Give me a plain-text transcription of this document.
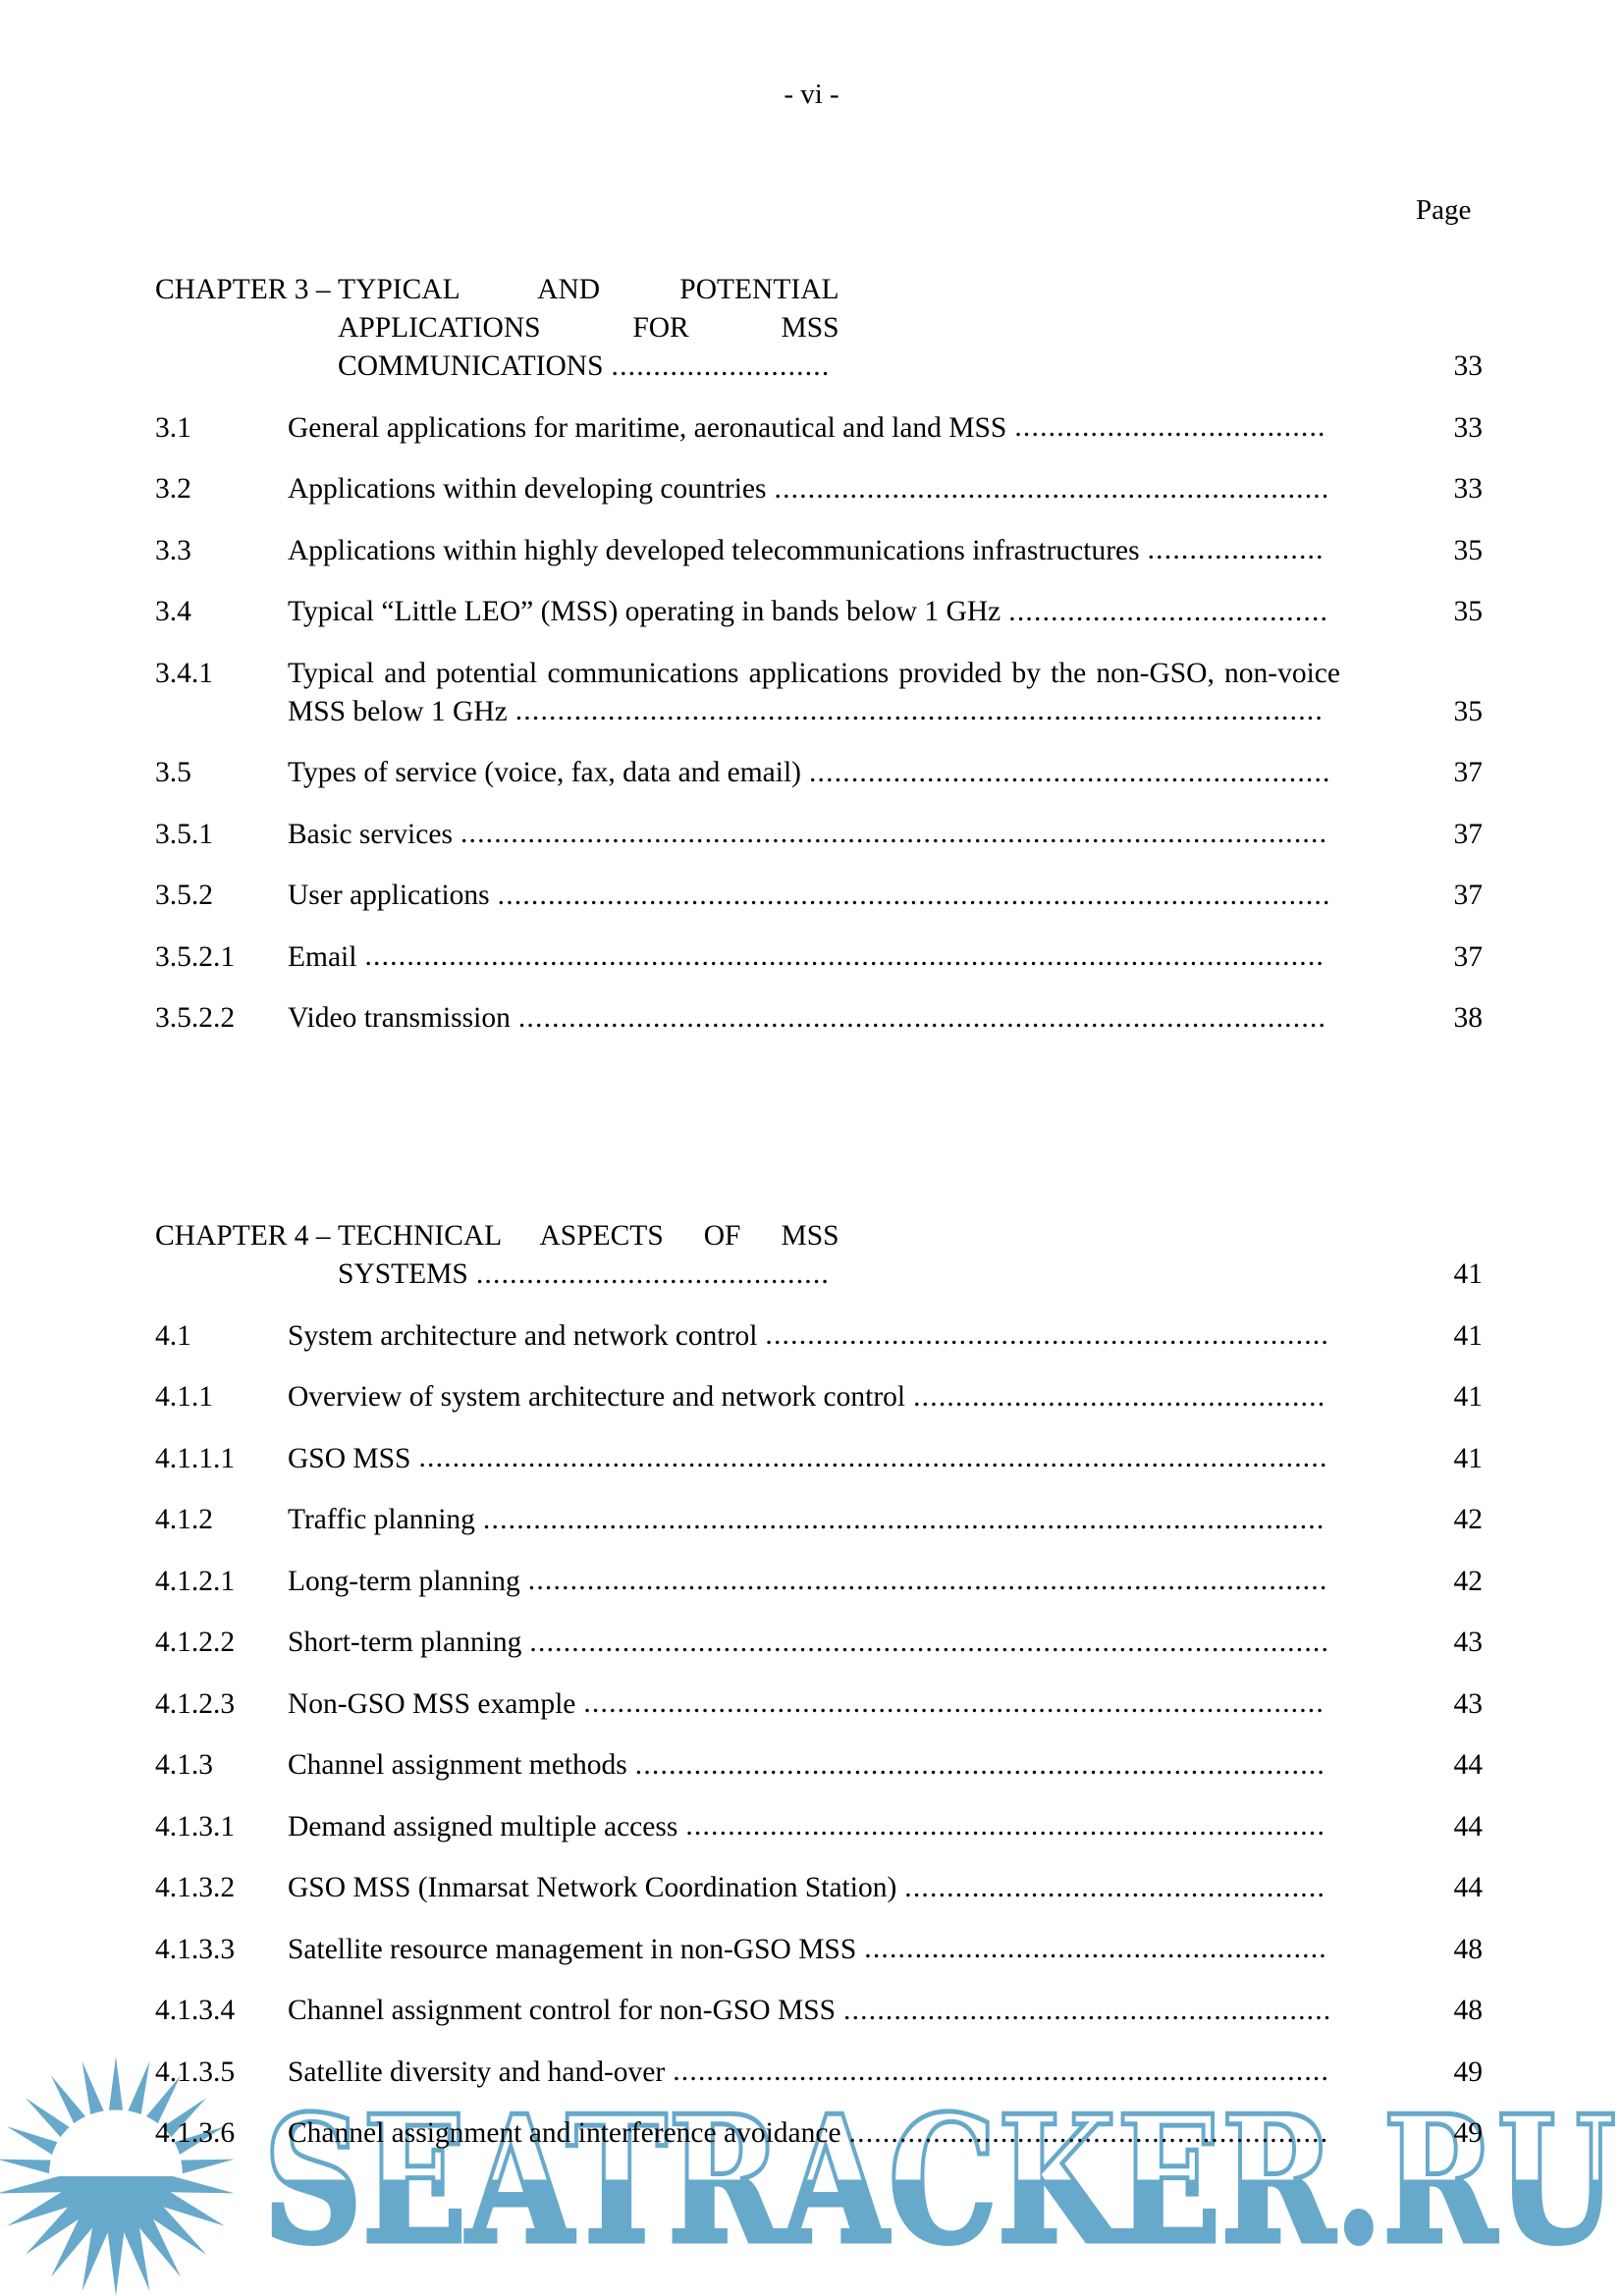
- vi -
Page
CHAPTER 3 – TYPICAL AND POTENTIAL APPLICATIONS FOR MSS COMMUNICATIONS ..........................	33
3.1	General applications for maritime, aeronautical and land MSS .....................................	33
3.2	Applications within developing countries ..................................................................	33
3.3	Applications within highly developed telecommunications infrastructures .....................	35
3.4	Typical “Little LEO” (MSS) operating in bands below 1 GHz ......................................	35
3.4.1	Typical and potential communications applications provided by the non-GSO, non-voice MSS below 1 GHz ................................................................................................	35
3.5	Types of service (voice, fax, data and email) ..............................................................	37
3.5.1	Basic services .......................................................................................................	37
3.5.2	User applications ...................................................................................................	37
3.5.2.1	Email ..................................................................................................................	37
3.5.2.2	Video transmission ................................................................................................	38
CHAPTER 4 – TECHNICAL ASPECTS OF MSS SYSTEMS ..........................................	41
4.1	System architecture and network control ...................................................................	41
4.1.1	Overview of system architecture and network control .................................................	41
4.1.1.1	GSO MSS ............................................................................................................	41
4.1.2	Traffic planning ....................................................................................................	42
4.1.2.1	Long-term planning ...............................................................................................	42
4.1.2.2	Short-term planning ...............................................................................................	43
4.1.2.3	Non-GSO MSS example ........................................................................................	43
4.1.3	Channel assignment methods ..................................................................................	44
4.1.3.1	Demand assigned multiple access ............................................................................	44
4.1.3.2	GSO MSS (Inmarsat Network Coordination Station) ..................................................	44
4.1.3.3	Satellite resource management in non-GSO MSS .......................................................	48
4.1.3.4	Channel assignment control for non-GSO MSS ..........................................................	48
4.1.3.5	Satellite diversity and hand-over ..............................................................................	49
4.1.3.6	Channel assignment and interference avoidance .........................................................	49
SEATRACKER.RU
